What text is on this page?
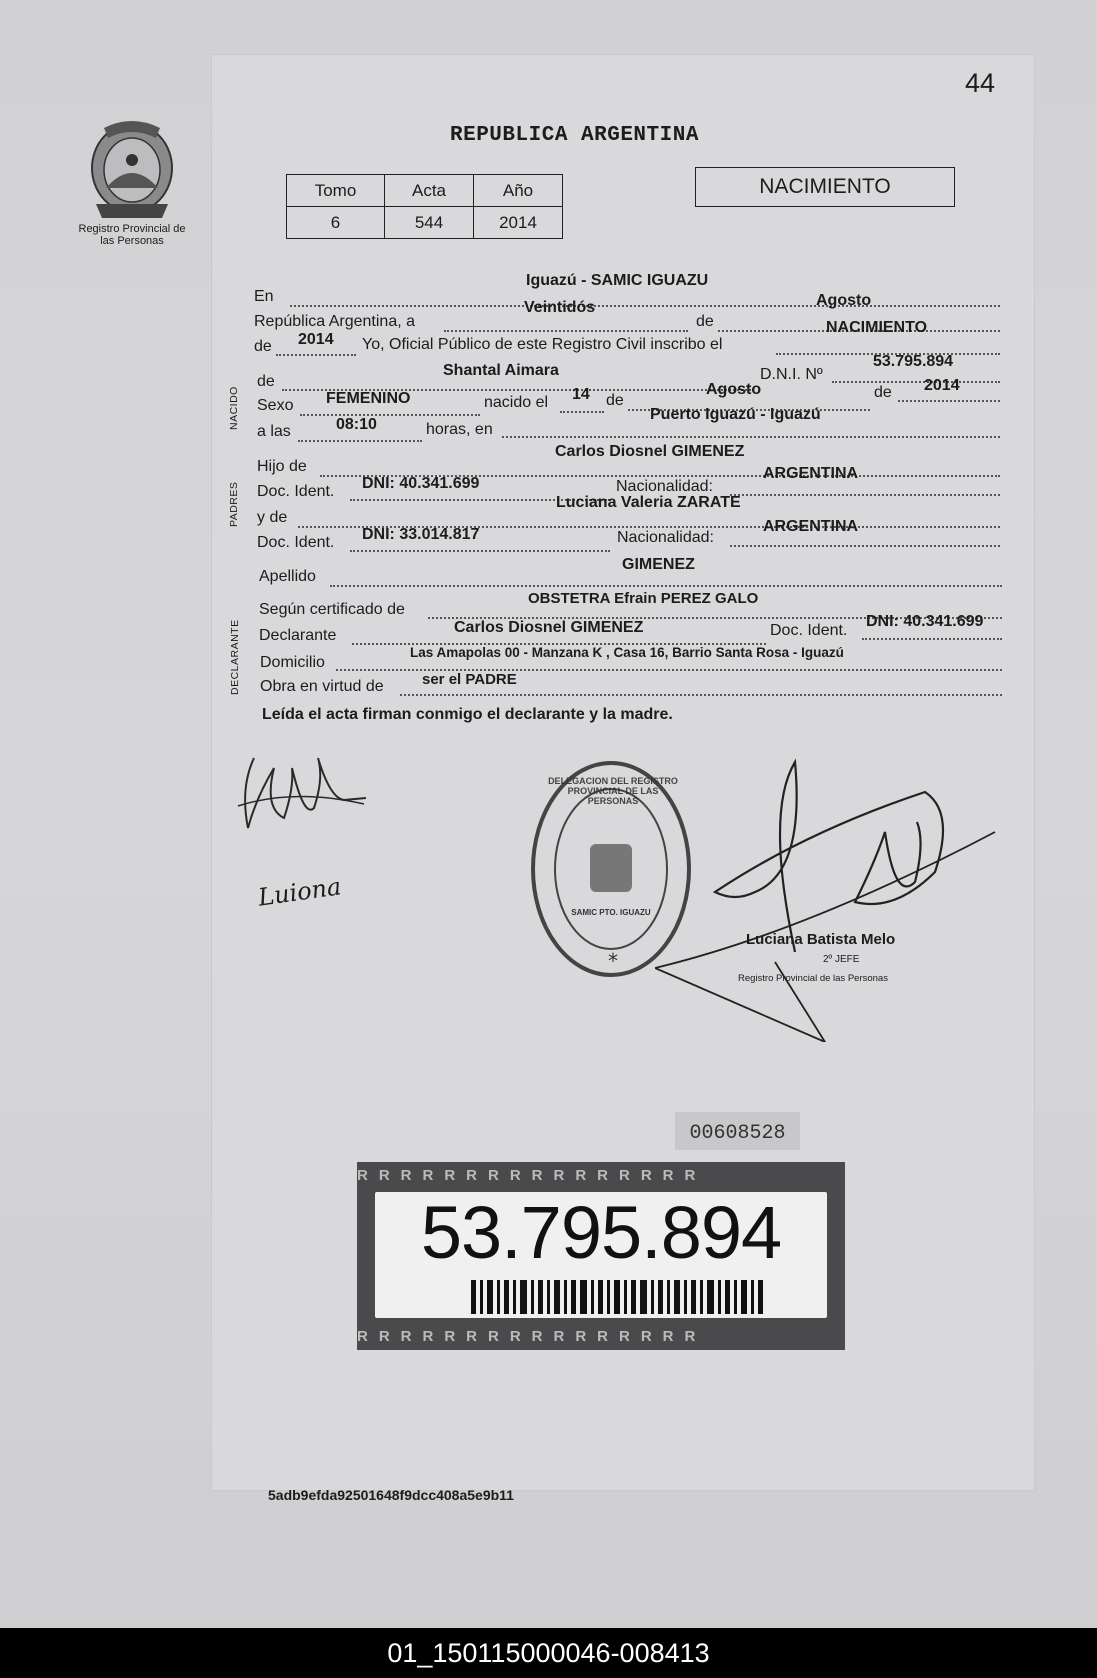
44
Registro Provincial de las Personas
REPUBLICA ARGENTINA
NACIMIENTO
Tomo	Acta	Año
6	544	2014
NACIDO
PADRES
DECLARANTE
En
Iguazú - SAMIC IGUAZU
República Argentina, a
Veintidós
de
Agosto
de 2014 Yo, Oficial Público de este Registro Civil inscribo el
NACIMIENTO
de
Shantal Aimara	D.N.I. Nº
53.795.894
Sexo FEMENINO	nacido el 14 de
Agosto	de 2014
a las	08:10	horas, en
Puerto Iguazú - Iguazú
Hijo de
Carlos Diosnel GIMENEZ
Doc. Ident. DNI: 40.341.699	Nacionalidad:
ARGENTINA
y de
Luciana Valeria ZARATE
Doc. Ident. DNI: 33.014.817	Nacionalidad:
ARGENTINA
Apellido
GIMENEZ
Según certificado de
OBSTETRA Efrain PEREZ GALO
Declarante	Carlos Diosnel GIMENEZ	Doc. Ident.
DNI: 40.341.699
Domicilio
Las Amapolas 00 - Manzana K , Casa 16, Barrio Santa Rosa - Iguazú
Obra en virtud de	ser el PADRE
Leída el acta firman conmigo el declarante y la madre.
Luiona
*
DELEGACION DEL REGISTRO PROVINCIAL DE LAS PERSONAS
SAMIC PTO. IGUAZU
Luciana Batista Melo
2º JEFE
Registro Provincial de las Personas
00608528
RRRRRRRRRRRRRRRR
RRRRRRRRRRRRRRRR
53.795.894
5adb9efda92501648f9dcc408a5e9b11
01_150115000046-008413
